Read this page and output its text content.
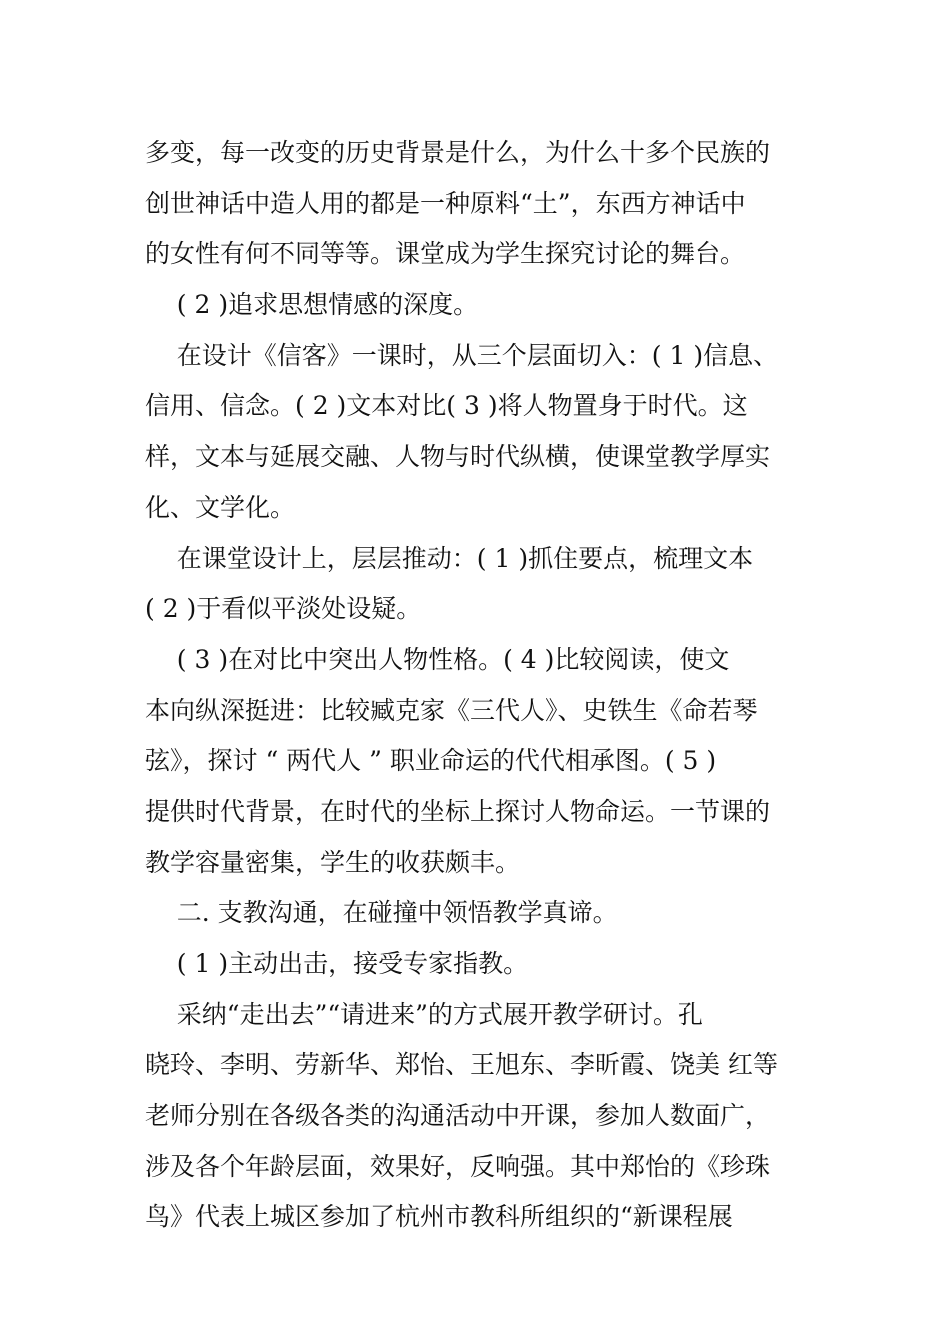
多变，每一改变的历史背景是什么，为什么十多个民族的

创世神话中造人用的都是一种原料“土”，东西方神话中

的女性有何不同等等。课堂成为学生探究讨论的舞台。

( 2 )追求思想情感的深度。

在设计《信客》一课时，从三个层面切入：( 1 )信息、

信用、信念。( 2 )文本对比( 3 )将人物置身于时代。这

样，文本与延展交融、人物与时代纵横，使课堂教学厚实

化、文学化。

在课堂设计上，层层推动：( 1 )抓住要点，梳理文本

( 2 )于看似平淡处设疑。

( 3 )在对比中突出人物性格。( 4 )比较阅读，使文

本向纵深挺进：比较臧克家《三代人》、史铁生《命若琴

弦》，探讨 “ 两代人 ” 职业命运的代代相承图。( 5 )

提供时代背景，在时代的坐标上探讨人物命运。一节课的

教学容量密集，学生的收获颇丰。

二. 支教沟通，在碰撞中领悟教学真谛。

( 1 )主动出击，接受专家指教。

采纳“走出去”“请进来”的方式展开教学研讨。孔

晓玲、李明、劳新华、郑怡、王旭东、李昕霞、饶美 红等

老师分别在各级各类的沟通活动中开课，参加人数面广，

涉及各个年龄层面，效果好，反响强。其中郑怡的《珍珠

鸟》代表上城区参加了杭州市教科所组织的“新课程展
